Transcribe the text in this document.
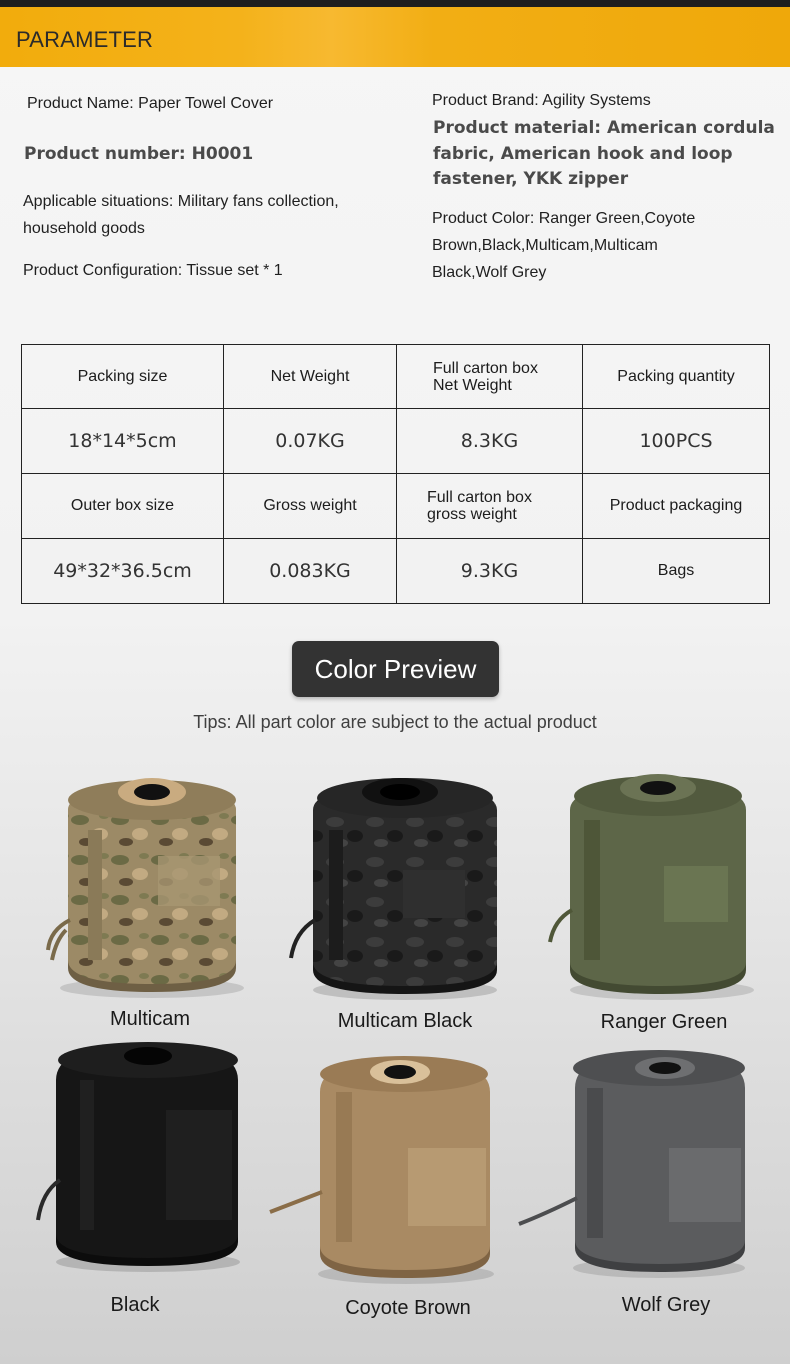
PARAMETER
Product Name: Paper Towel Cover
Product number: H0001
Applicable situations: Military fans collection,
household goods
Product Configuration: Tissue set * 1
Product Brand: Agility Systems
Product material: American cordula
fabric, American hook and loop
fastener, YKK zipper
Product Color: Ranger Green,Coyote
Brown,Black,Multicam,Multicam
Black,Wolf Grey
Packing size	Net Weight	Full carton box
Net Weight	Packing quantity
18*14*5cm	0.07KG	8.3KG	100PCS
Outer box size	Gross weight	Full carton box
gross weight	Product packaging
49*32*36.5cm	0.083KG	9.3KG	Bags
Color Preview
Tips: All part color are subject to the actual product
Multicam	Multicam Black	Ranger Green
Black	Coyote Brown	Wolf Grey
